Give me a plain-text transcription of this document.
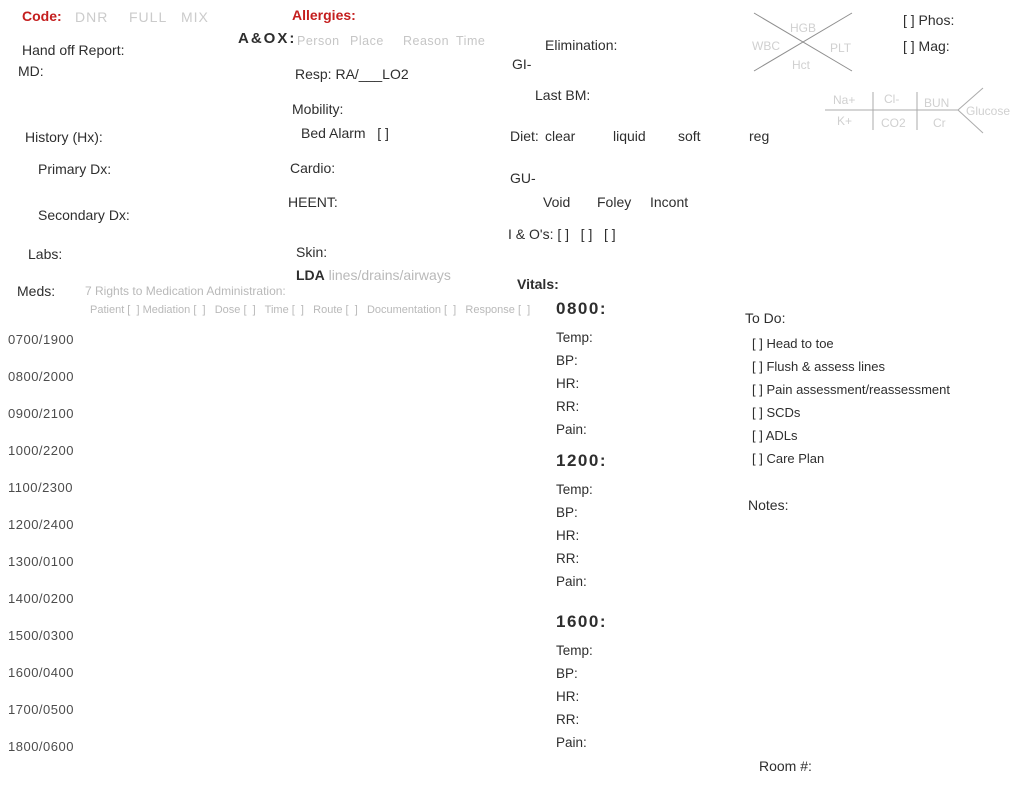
Code: DNR FULL MIX
Hand off Report:
MD:
History (Hx):
Primary Dx:
Secondary Dx:
Labs:
Meds: 7 Rights to Medication Administration:
Patient [  ] Mediation [  ]   Dose [  ]   Time [  ]   Route [  ]   Documentation [  ]   Response [  ]
0700/1900
0800/2000
0900/2100
1000/2200
1100/2300
1200/2400
1300/0100
1400/0200
1500/0300
1600/0400
1700/0500
1800/0600
Allergies:
A&OX: Person Place Reason Time
Resp: RA/___LO2
Mobility:
Bed Alarm   [ ]
Cardio:
HEENT:
Skin:
LDA lines/drains/airways
Elimination:
GI-
Last BM:
Diet: clear	liquid soft	reg
GU-
Void Foley Incont
I & O's: [ ]   [ ]   [ ]
Vitals:
0800:
Temp:
BP:
HR:
RR:
Pain:
1200:
Temp:
BP:
HR:
RR:
Pain:
1600:
Temp:
BP:
HR:
RR:
Pain:
To Do:
[ ] Head to toe
[ ] Flush & assess lines
[ ] Pain assessment/reassessment
[ ] SCDs
[ ] ADLs
[ ] Care Plan
Notes:
Room #:
HGB
WBC	PLT
Hct
[ ] Phos:
[ ] Mag:
Na+
K+
Cl-
CO2
BUN
Cr
Glucose
